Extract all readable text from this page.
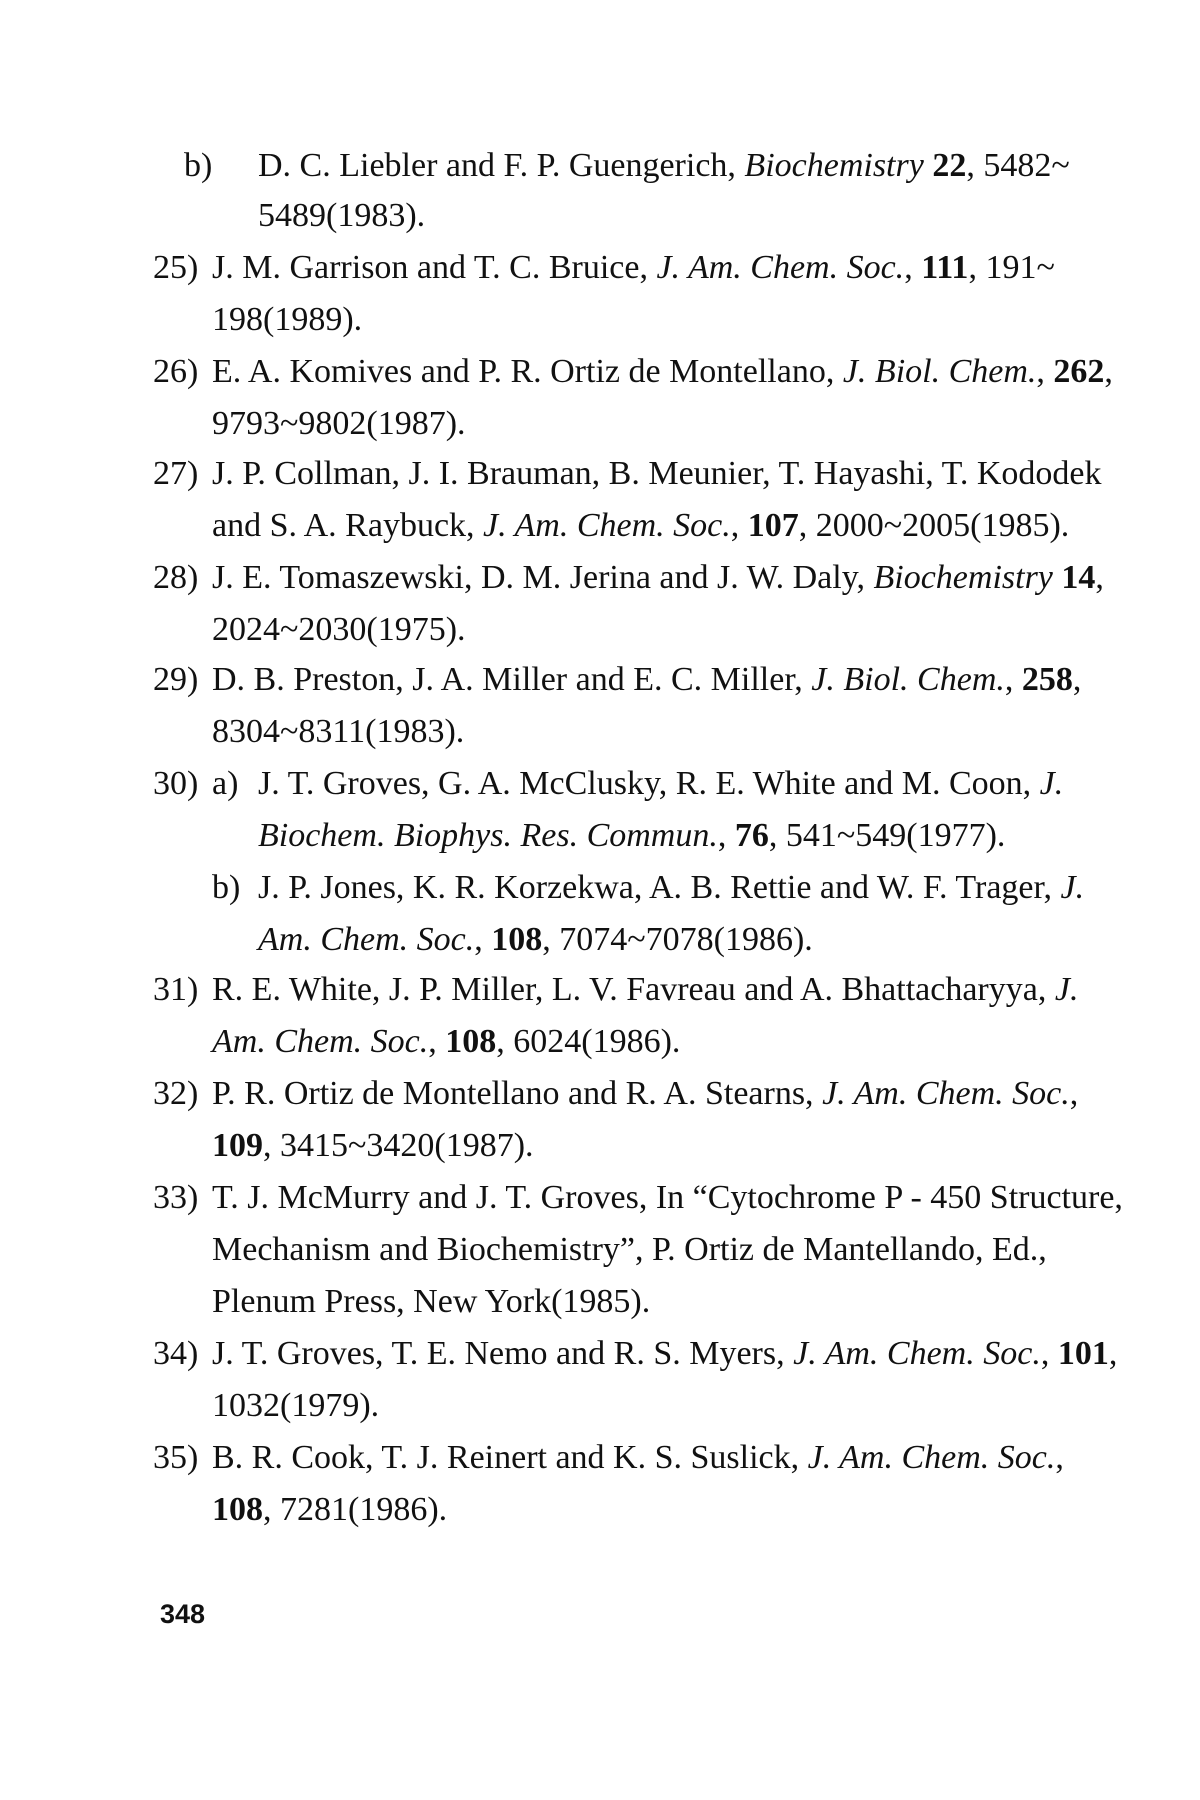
b) D. C. Liebler and F. P. Guengerich, Biochemistry 22, 5482~
5489(1983).
25) J. M. Garrison and T. C. Bruice, J. Am. Chem. Soc., 111, 191~
198(1989).
26) E. A. Komives and P. R. Ortiz de Montellano, J. Biol. Chem., 262,
9793~9802(1987).
27) J. P. Collman, J. I. Brauman, B. Meunier, T. Hayashi, T. Kododek
and S. A. Raybuck, J. Am. Chem. Soc., 107, 2000~2005(1985).
28) J. E. Tomaszewski, D. M. Jerina and J. W. Daly, Biochemistry 14,
2024~2030(1975).
29) D. B. Preston, J. A. Miller and E. C. Miller, J. Biol. Chem., 258,
8304~8311(1983).
30) a) J. T. Groves, G. A. McClusky, R. E. White and M. Coon, J.
Biochem. Biophys. Res. Commun., 76, 541~549(1977).
b) J. P. Jones, K. R. Korzekwa, A. B. Rettie and W. F. Trager, J.
Am. Chem. Soc., 108, 7074~7078(1986).
31) R. E. White, J. P. Miller, L. V. Favreau and A. Bhattacharyya, J.
Am. Chem. Soc., 108, 6024(1986).
32) P. R. Ortiz de Montellano and R. A. Stearns, J. Am. Chem. Soc.,
109, 3415~3420(1987).
33) T. J. McMurry and J. T. Groves, In “Cytochrome P - 450 Structure,
Mechanism and Biochemistry”, P. Ortiz de Mantellando, Ed.,
Plenum Press, New York(1985).
34) J. T. Groves, T. E. Nemo and R. S. Myers, J. Am. Chem. Soc., 101,
1032(1979).
35) B. R. Cook, T. J. Reinert and K. S. Suslick, J. Am. Chem. Soc.,
108, 7281(1986).
348
